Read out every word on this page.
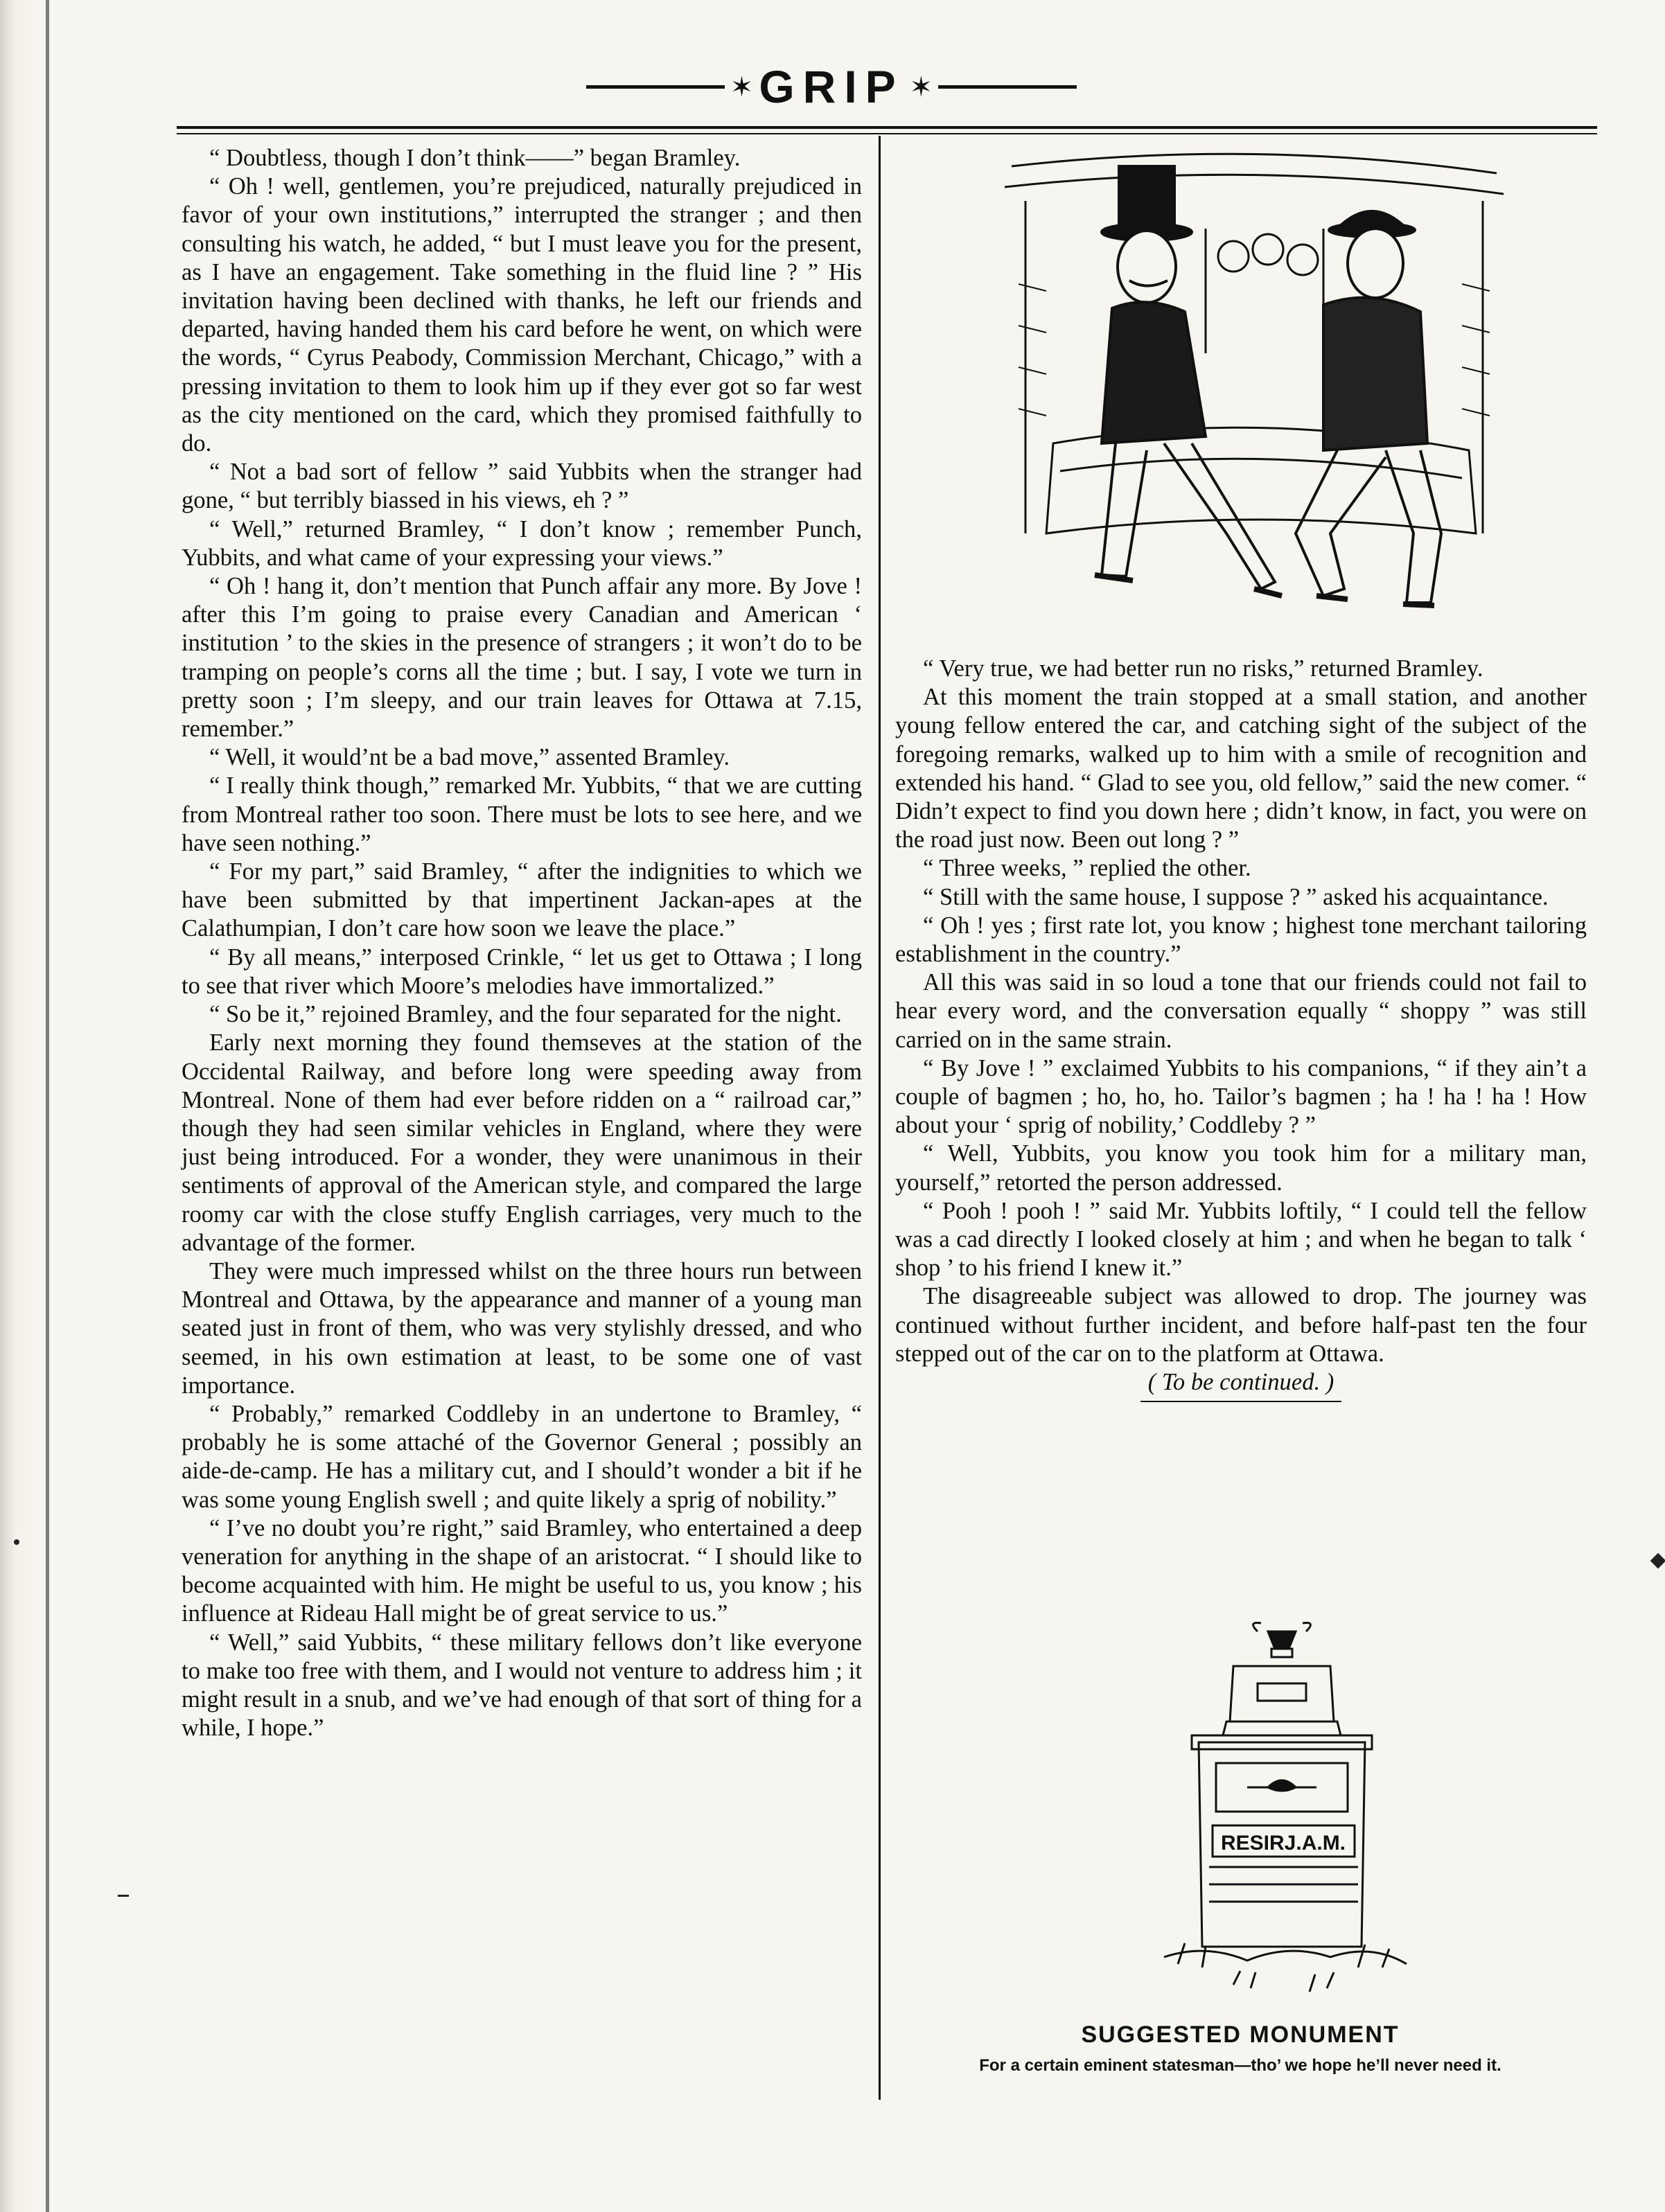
✶ GRIP ✶

“ Doubtless, though I don’t think——” began Bramley.

“ Oh ! well, gentlemen, you’re prejudiced, naturally prejudiced in favor of your own institutions,” interrupted the stranger ; and then consulting his watch, he added, “ but I must leave you for the present, as I have an engagement. Take something in the fluid line ? ” His invitation having been declined with thanks, he left our friends and departed, having handed them his card before he went, on which were the words, “ Cyrus Peabody, Commission Merchant, Chicago,” with a pressing invitation to them to look him up if they ever got so far west as the city mentioned on the card, which they promised faithfully to do.

“ Not a bad sort of fellow ” said Yubbits when the stranger had gone, “ but terribly biassed in his views, eh ? ”

“ Well,” returned Bramley, “ I don’t know ; remember Punch, Yubbits, and what came of your expressing your views.”

“ Oh ! hang it, don’t mention that Punch affair any more. By Jove ! after this I’m going to praise every Canadian and American ‘ institution ’ to the skies in the presence of strangers ; it won’t do to be tramping on people’s corns all the time ; but. I say, I vote we turn in pretty soon ; I’m sleepy, and our train leaves for Ottawa at 7.15, remember.”

“ Well, it would’nt be a bad move,” assented Bramley.

“ I really think though,” remarked Mr. Yubbits, “ that we are cutting from Montreal rather too soon. There must be lots to see here, and we have seen nothing.”

“ For my part,” said Bramley, “ after the indignities to which we have been submitted by that impertinent Jackan-apes at the Calathumpian, I don’t care how soon we leave the place.”

“ By all means,” interposed Crinkle, “ let us get to Ottawa ; I long to see that river which Moore’s melodies have immortalized.”

“ So be it,” rejoined Bramley, and the four separated for the night.

Early next morning they found themseves at the station of the Occidental Railway, and before long were speeding away from Montreal. None of them had ever before ridden on a “ railroad car,” though they had seen similar vehicles in England, where they were just being introduced. For a wonder, they were unanimous in their sentiments of approval of the American style, and compared the large roomy car with the close stuffy English carriages, very much to the advantage of the former.

They were much impressed whilst on the three hours run between Montreal and Ottawa, by the appearance and manner of a young man seated just in front of them, who was very stylishly dressed, and who seemed, in his own estimation at least, to be some one of vast importance.

“ Probably,” remarked Coddleby in an undertone to Bramley, “ probably he is some attaché of the Governor General ; possibly an aide-de-camp. He has a military cut, and I should’t wonder a bit if he was some young English swell ; and quite likely a sprig of nobility.”

“ I’ve no doubt you’re right,” said Bramley, who entertained a deep veneration for anything in the shape of an aristocrat. “ I should like to become acquainted with him. He might be useful to us, you know ; his influence at Rideau Hall might be of great service to us.”

“ Well,” said Yubbits, “ these military fellows don’t like everyone to make too free with them, and I would not venture to address him ; it might result in a snub, and we’ve had enough of that sort of thing for a while, I hope.”

“ Very true, we had better run no risks,” returned Bramley.

At this moment the train stopped at a small station, and another young fellow entered the car, and catching sight of the subject of the foregoing remarks, walked up to him with a smile of recognition and extended his hand. “ Glad to see you, old fellow,” said the new comer. “ Didn’t expect to find you down here ; didn’t know, in fact, you were on the road just now. Been out long ? ”

“ Three weeks, ” replied the other.

“ Still with the same house, I suppose ? ” asked his acquaintance.

“ Oh ! yes ; first rate lot, you know ; highest tone merchant tailoring establishment in the country.”

All this was said in so loud a tone that our friends could not fail to hear every word, and the conversation equally “ shoppy ” was still carried on in the same strain.

“ By Jove ! ” exclaimed Yubbits to his companions, “ if they ain’t a couple of bagmen ; ho, ho, ho. Tailor’s bagmen ; ha ! ha ! ha ! How about your ‘ sprig of nobility,’ Coddleby ? ”

“ Well, Yubbits, you know you took him for a military man, yourself,” retorted the person addressed.

“ Pooh ! pooh ! ” said Mr. Yubbits loftily, “ I could tell the fellow was a cad directly I looked closely at him ; and when he began to talk ‘ shop ’ to his friend I knew it.”

The disagreeable subject was allowed to drop. The journey was continued without further incident, and before half-past ten the four stepped out of the car on to the platform at Ottawa.

( To be continued. )

RESIRJ.A.M.
SUGGESTED MONUMENT
For a certain eminent statesman—tho’ we hope he’ll never need it.
